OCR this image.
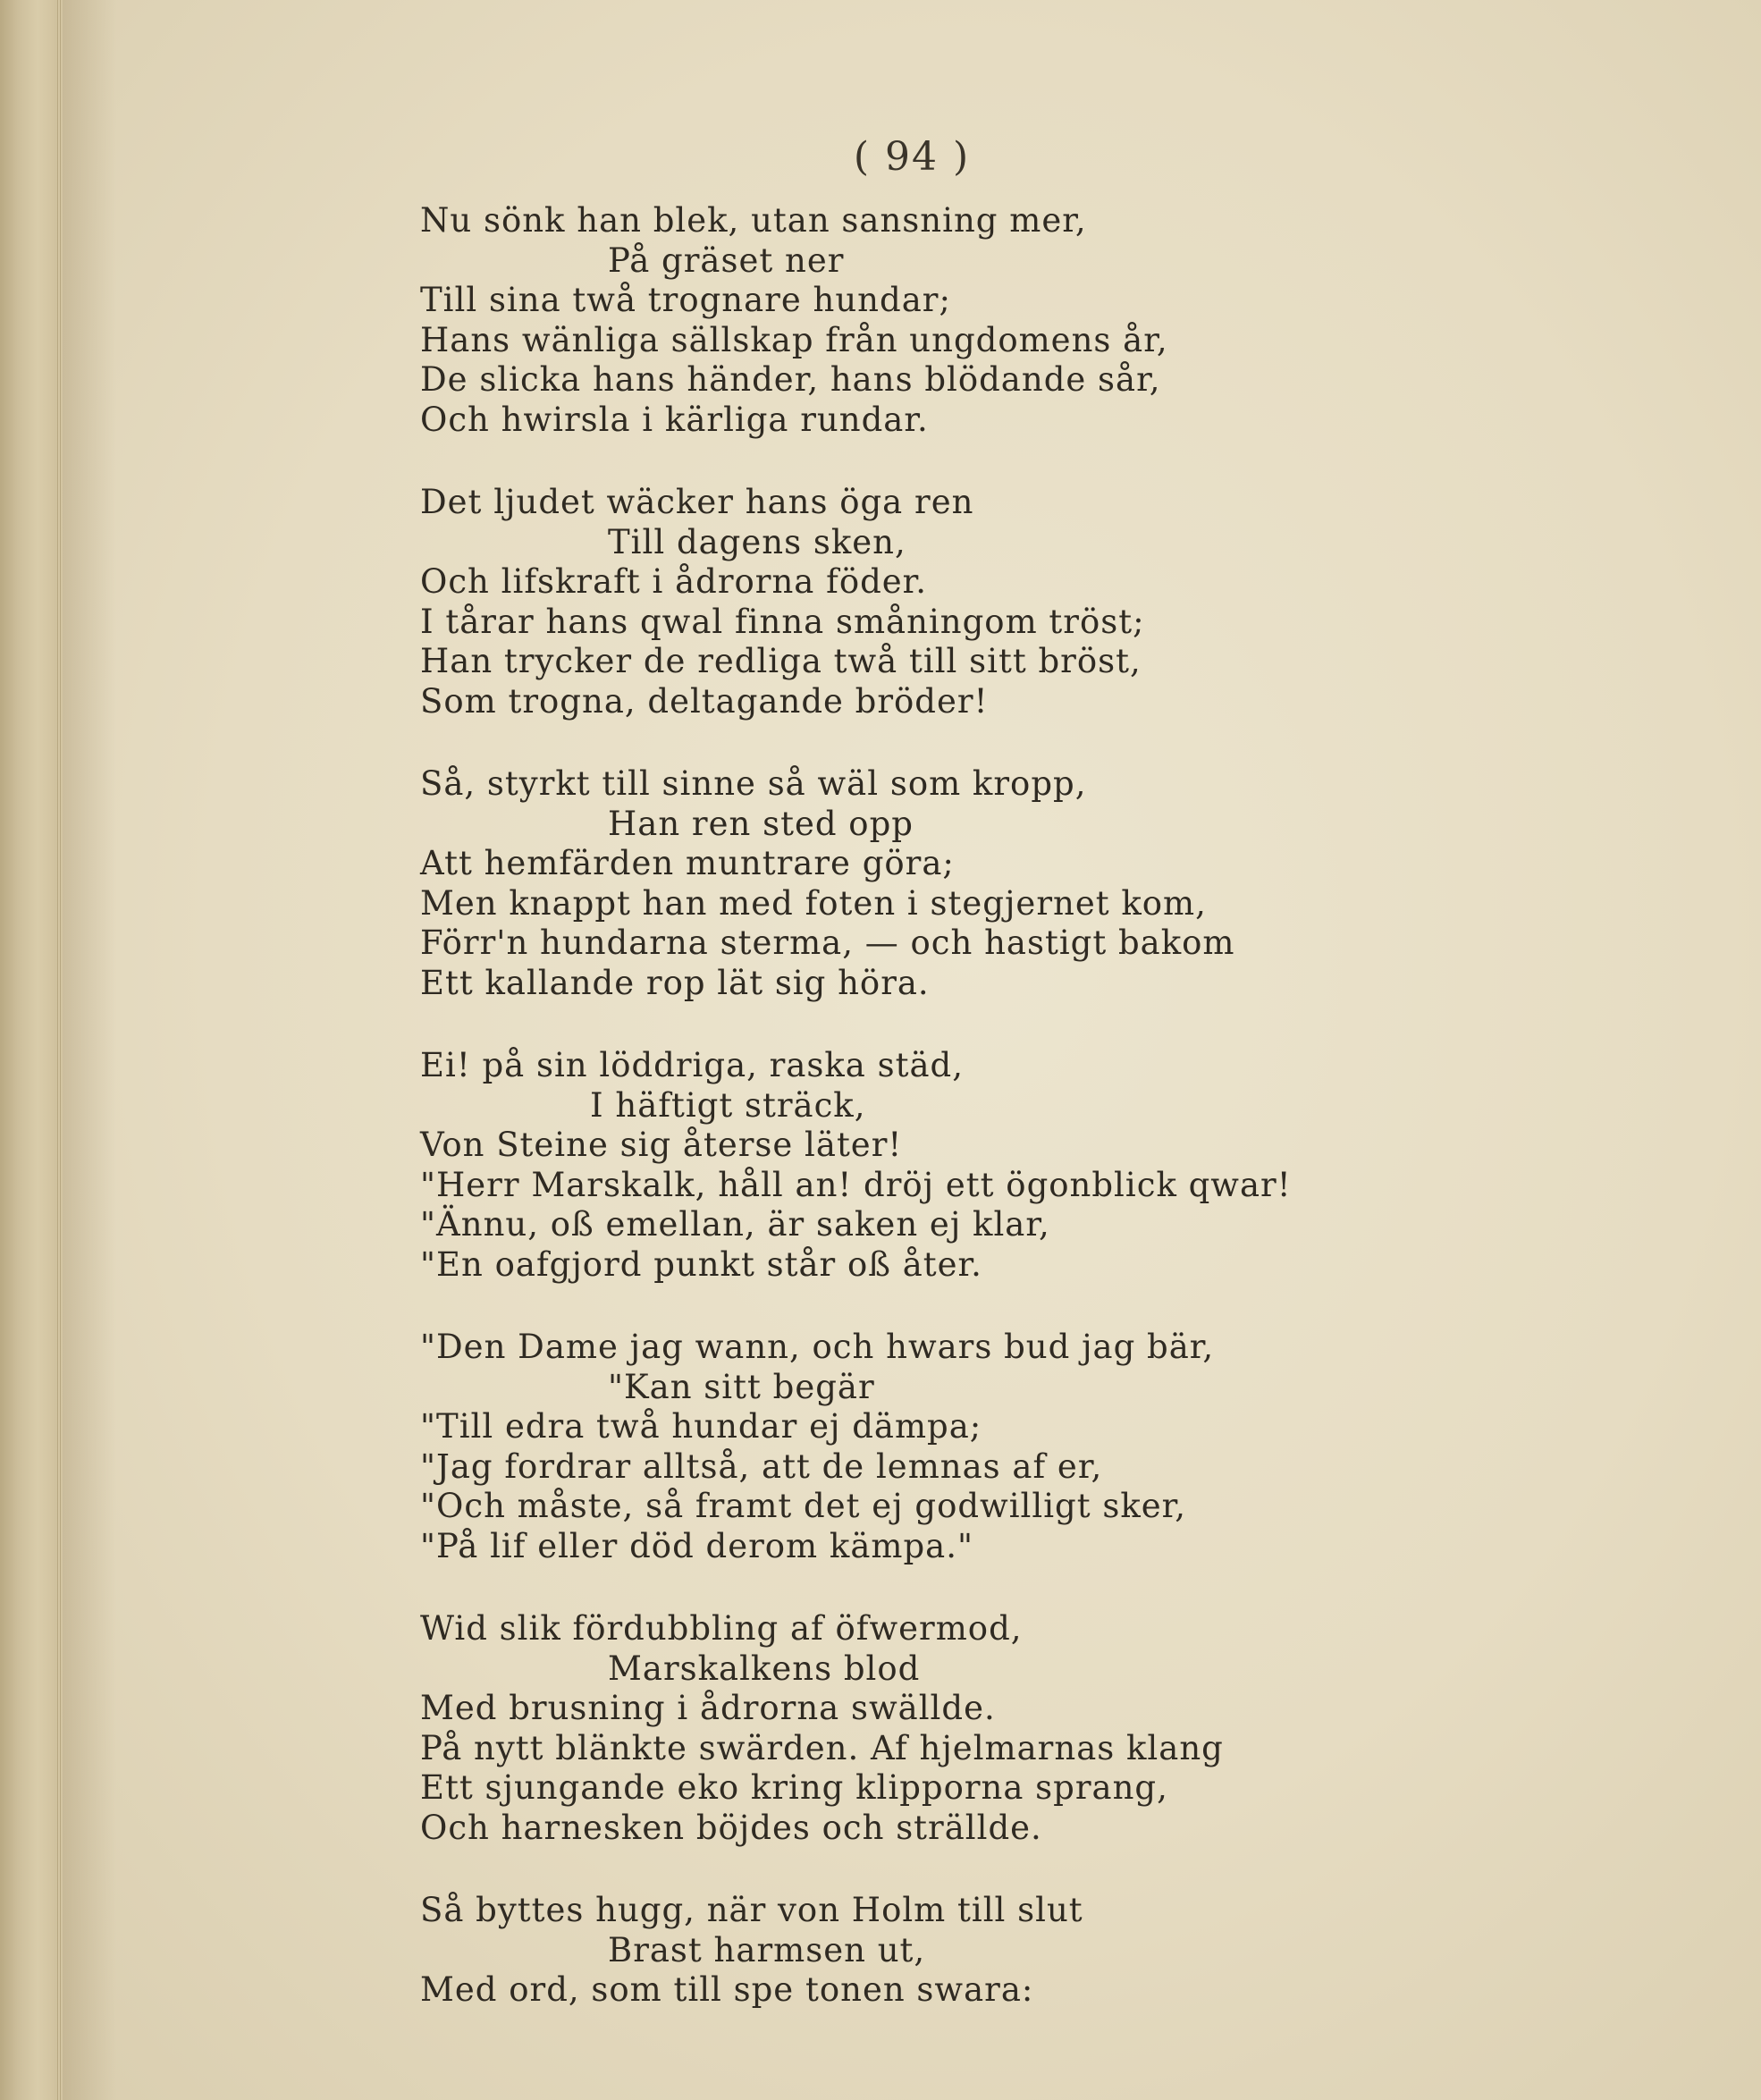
( 94 )
Nu sönk han blek, utan sansning mer,
På gräset ner
Till sina twå trognare hundar;
Hans wänliga sällskap från ungdomens år,
De slicka hans händer, hans blödande sår,
Och hwirsla i kärliga rundar.
Det ljudet wäcker hans öga ren
Till dagens sken,
Och lifskraft i ådrorna föder.
I tårar hans qwal finna småningom tröst;
Han trycker de redliga twå till sitt bröst,
Som trogna, deltagande bröder!
Så, styrkt till sinne så wäl som kropp,
Han ren sted opp
Att hemfärden muntrare göra;
Men knappt han med foten i stegjernet kom,
Förr'n hundarna sterma, — och hastigt bakom
Ett kallande rop lät sig höra.
Ei! på sin löddriga, raska städ,
I häftigt sträck,
Von Steine sig återse läter!
"Herr Marskalk, håll an! dröj ett ögonblick qwar!
"Ännu, oß emellan, är saken ej klar,
"En oafgjord punkt står oß åter.
"Den Dame jag wann, och hwars bud jag bär,
"Kan sitt begär
"Till edra twå hundar ej dämpa;
"Jag fordrar alltså, att de lemnas af er,
"Och måste, så framt det ej godwilligt sker,
"På lif eller död derom kämpa."
Wid slik fördubbling af öfwermod,
Marskalkens blod
Med brusning i ådrorna swällde.
På nytt blänkte swärden. Af hjelmarnas klang
Ett sjungande eko kring klipporna sprang,
Och harnesken böjdes och strällde.
Så byttes hugg, när von Holm till slut
Brast harmsen ut,
Med ord, som till spe tonen swara:
